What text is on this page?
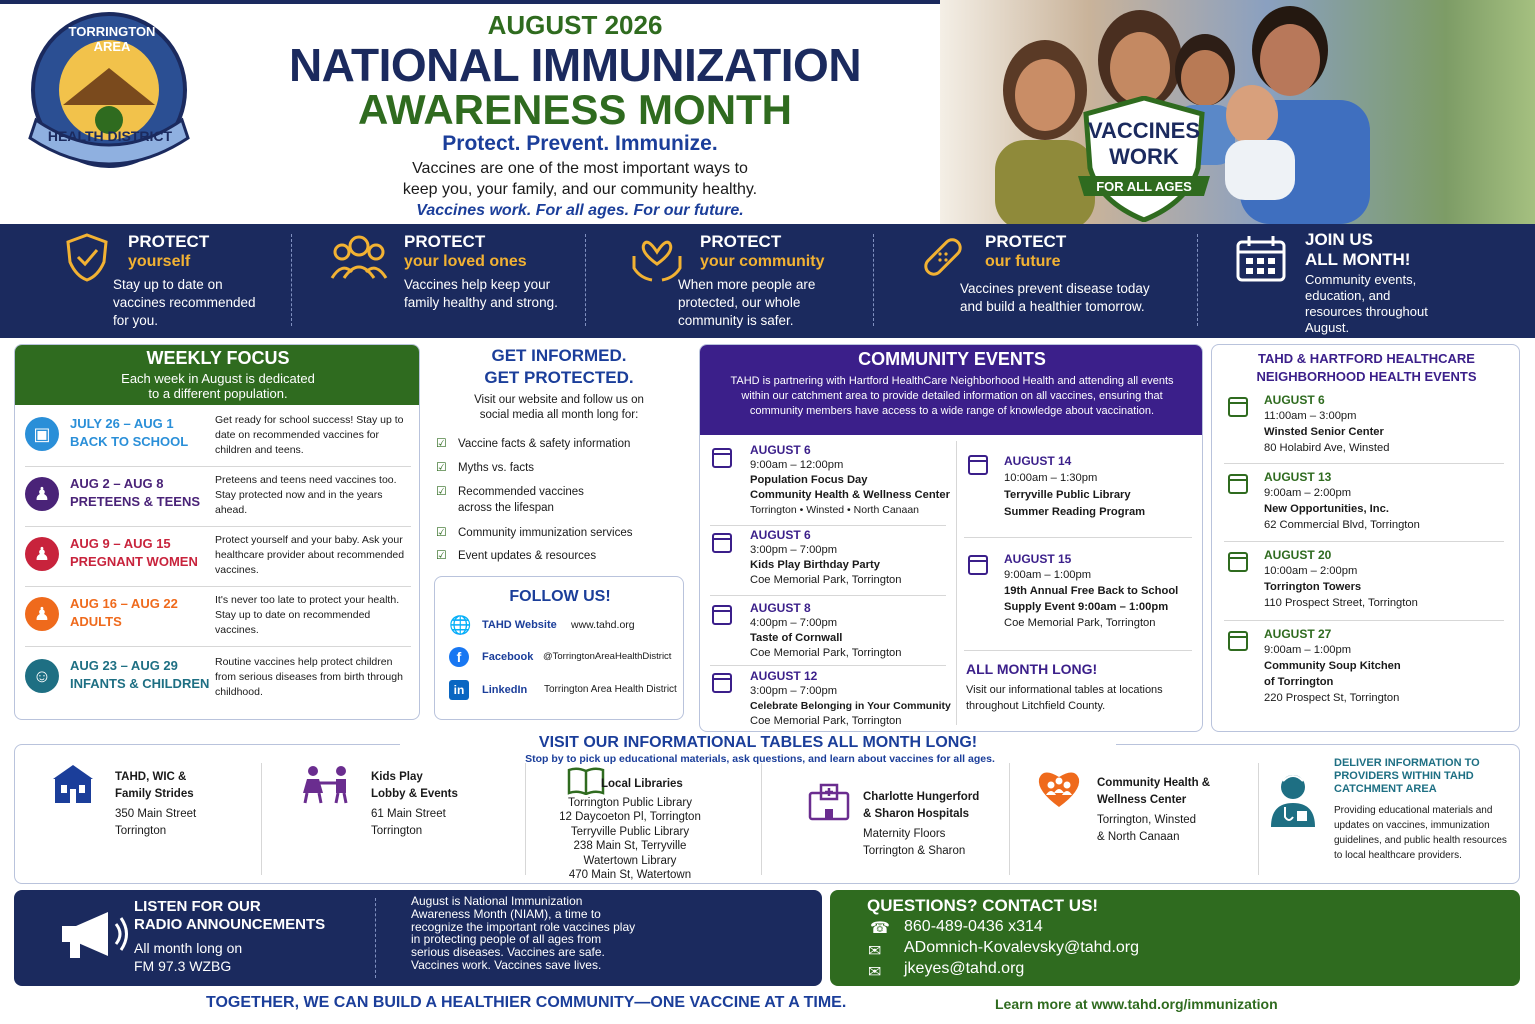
TORRINGTON AREA
HEALTH DISTRICT
AUGUST 2026
NATIONAL IMMUNIZATION
AWARENESS MONTH
Protect. Prevent. Immunize.
Vaccines are one of the most important ways to
keep you, your family, and our community healthy.
Vaccines work. For all ages. For our future.
VACCINES
WORK
FOR ALL AGES
PROTECT
yourself
Stay up to date on vaccines recommended for you.
PROTECT
your loved ones
Vaccines help keep your family healthy and strong.
PROTECT
your community
When more people are protected, our whole community is safer.
PROTECT
our future
Vaccines prevent disease today and build a healthier tomorrow.
JOIN US
ALL MONTH!
Community events, education, and resources throughout August.
WEEKLY FOCUS
Each week in August is dedicated
to a different population.
▣
JULY 26 – AUG 1
BACK TO SCHOOL
Get ready for school success! Stay up to date on recommended vaccines for children and teens.
♟
AUG 2 – AUG 8
PRETEENS & TEENS
Preteens and teens need vaccines too. Stay protected now and in the years ahead.
♟
AUG 9 – AUG 15
PREGNANT WOMEN
Protect yourself and your baby. Ask your healthcare provider about recommended vaccines.
♟
AUG 16 – AUG 22
ADULTS
It's never too late to protect your health. Stay up to date on recommended vaccines.
☺
AUG 23 – AUG 29
INFANTS & CHILDREN
Routine vaccines help protect children from serious diseases from birth through childhood.
GET INFORMED.
GET PROTECTED.
Visit our website and follow us on
social media all month long for:
☑ Vaccine facts & safety information
☑ Myths vs. facts
☑ Recommended vaccines
across the lifespan
☑ Community immunization services
☑ Event updates & resources
FOLLOW US!
🌐 TAHD Website www.tahd.org
f	Facebook @TorringtonAreaHealthDistrict
in	LinkedIn Torrington Area Health District
COMMUNITY EVENTS
TAHD is partnering with Hartford HealthCare Neighborhood Health and attending all events within our catchment area to provide detailed information on all vaccines, ensuring that community members have access to a wide range of knowledge about vaccination.
AUGUST 6
9:00am – 12:00pm
Population Focus Day
Community Health & Wellness Center
Torrington • Winsted • North Canaan
AUGUST 6
3:00pm – 7:00pm
Kids Play Birthday Party
Coe Memorial Park, Torrington
AUGUST 8
4:00pm – 7:00pm
Taste of Cornwall
Coe Memorial Park, Torrington
AUGUST 12
3:00pm – 7:00pm
Celebrate Belonging in Your Community
Coe Memorial Park, Torrington
AUGUST 14
10:00am – 1:30pm
Terryville Public Library
Summer Reading Program
AUGUST 15
9:00am – 1:00pm
19th Annual Free Back to School
Supply Event 9:00am – 1:00pm
Coe Memorial Park, Torrington
ALL MONTH LONG!
Visit our informational tables at locations
throughout Litchfield County.
TAHD & HARTFORD HEALTHCARE
NEIGHBORHOOD HEALTH EVENTS
AUGUST 6
11:00am – 3:00pm
Winsted Senior Center
80 Holabird Ave, Winsted
AUGUST 13
9:00am – 2:00pm
New Opportunities, Inc.
62 Commercial Blvd, Torrington
AUGUST 20
10:00am – 2:00pm
Torrington Towers
110 Prospect Street, Torrington
AUGUST 27
9:00am – 1:00pm
Community Soup Kitchen
of Torrington
220 Prospect St, Torrington
VISIT OUR INFORMATIONAL TABLES ALL MONTH LONG!
Stop by to pick up educational materials, ask questions, and learn about vaccines for all ages.
TAHD, WIC &
Family Strides
350 Main Street
Torrington
Kids Play
Lobby & Events
61 Main Street
Torrington
Local Libraries
Torrington Public Library
12 Daycoeton Pl, Torrington
Terryville Public Library
238 Main St, Terryville
Watertown Library
470 Main St, Watertown
Charlotte Hungerford
& Sharon Hospitals
Maternity Floors
Torrington & Sharon
Community Health &
Wellness Center
Torrington, Winsted
& North Canaan
DELIVER INFORMATION TO
PROVIDERS WITHIN TAHD
CATCHMENT AREA
Providing educational materials and updates on vaccines, immunization guidelines, and public health resources to local healthcare providers.
LISTEN FOR OUR
RADIO ANNOUNCEMENTS
All month long on
FM 97.3 WZBG
August is National Immunization Awareness Month (NIAM), a time to recognize the important role vaccines play in protecting people of all ages from serious diseases. Vaccines are safe. Vaccines work. Vaccines save lives.
QUESTIONS? CONTACT US!
☎ 860-489-0436 x314
✉ ADomnich-Kovalevsky@tahd.org
✉ jkeyes@tahd.org
TOGETHER, WE CAN BUILD A HEALTHIER COMMUNITY—ONE VACCINE AT A TIME.	Learn more at www.tahd.org/immunization
